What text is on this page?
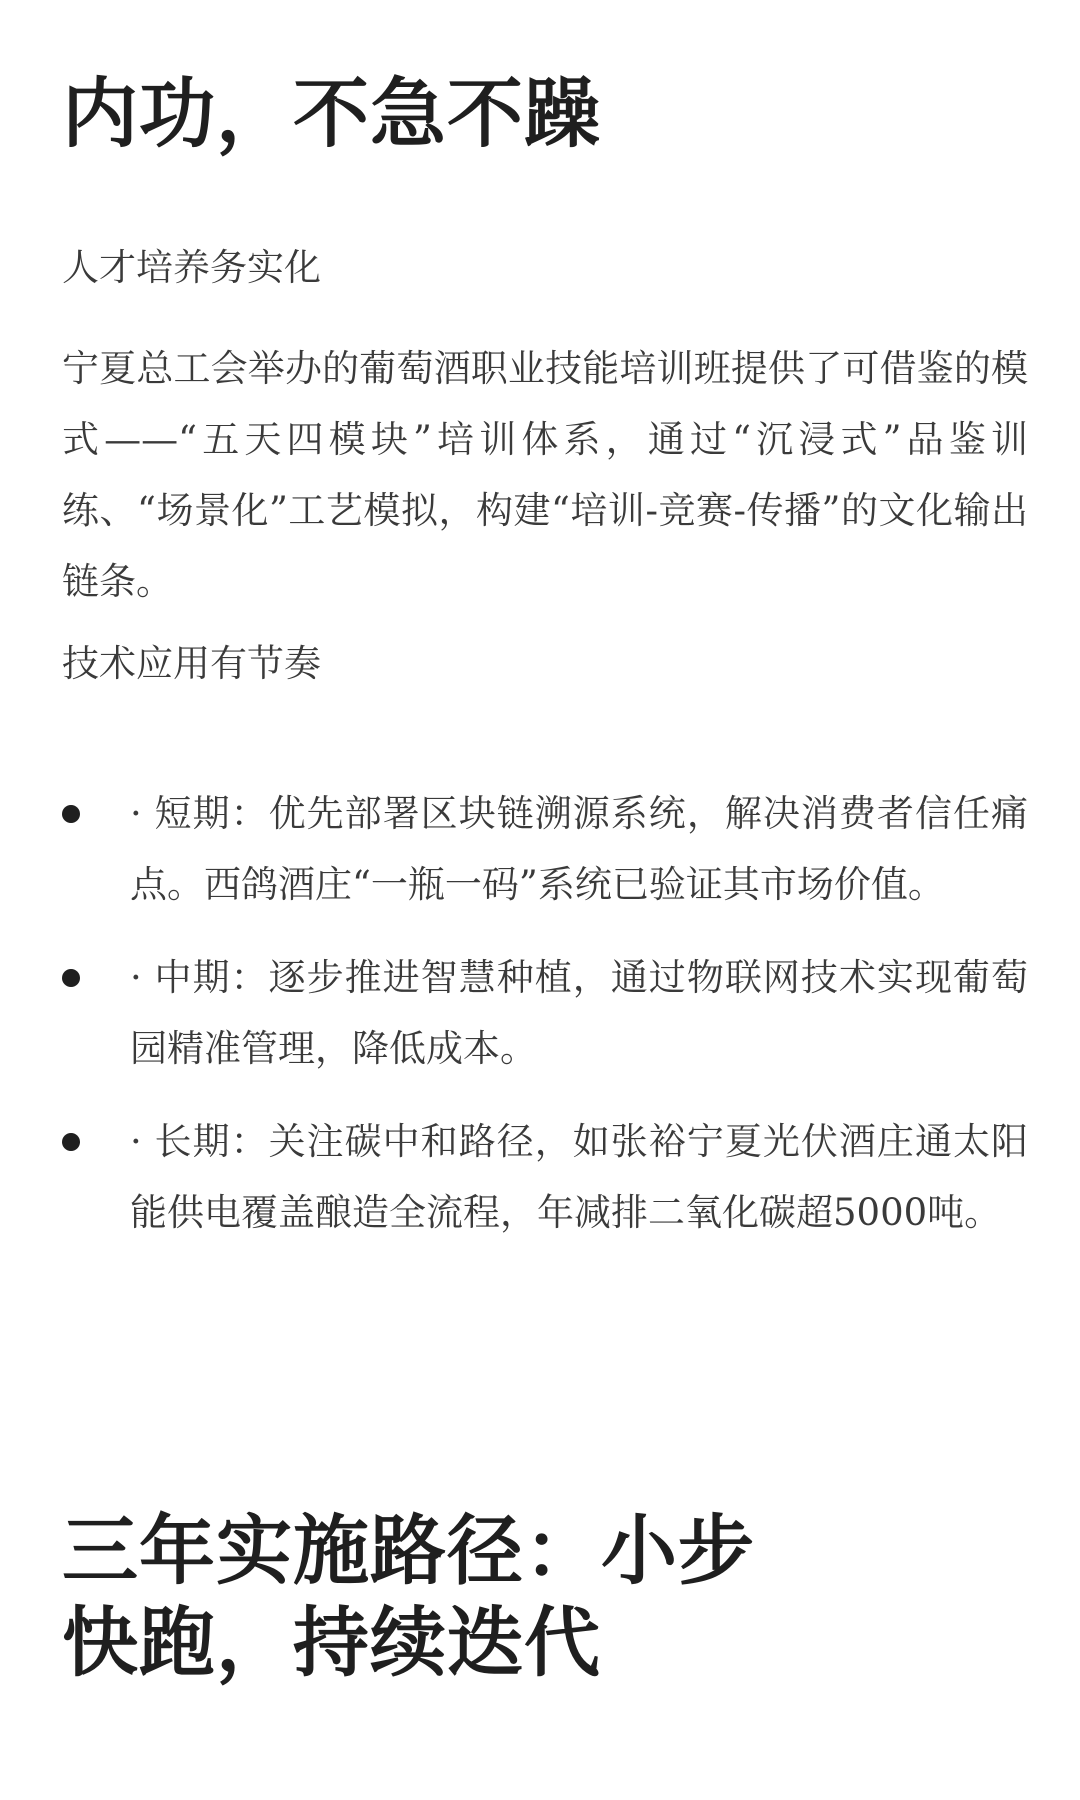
内功，不急不躁

人才培养务实化

宁夏总工会举办的葡萄酒职业技能培训班提供了可借鉴的模式——“五天四模块”培训体系，通过“沉浸式”品鉴训练、“场景化”工艺模拟，构建“培训-竞赛-传播”的文化输出链条。

技术应用有节奏

· 短期：优先部署区块链溯源系统，解决消费者信任痛点。西鸽酒庄“一瓶一码”系统已验证其市场价值。
· 中期：逐步推进智慧种植，通过物联网技术实现葡萄园精准管理，降低成本。
· 长期：关注碳中和路径，如张裕宁夏光伏酒庄通太阳能供电覆盖酿造全流程，年减排二氧化碳超5000吨。
三年实施路径：小步快跑，持续迭代
